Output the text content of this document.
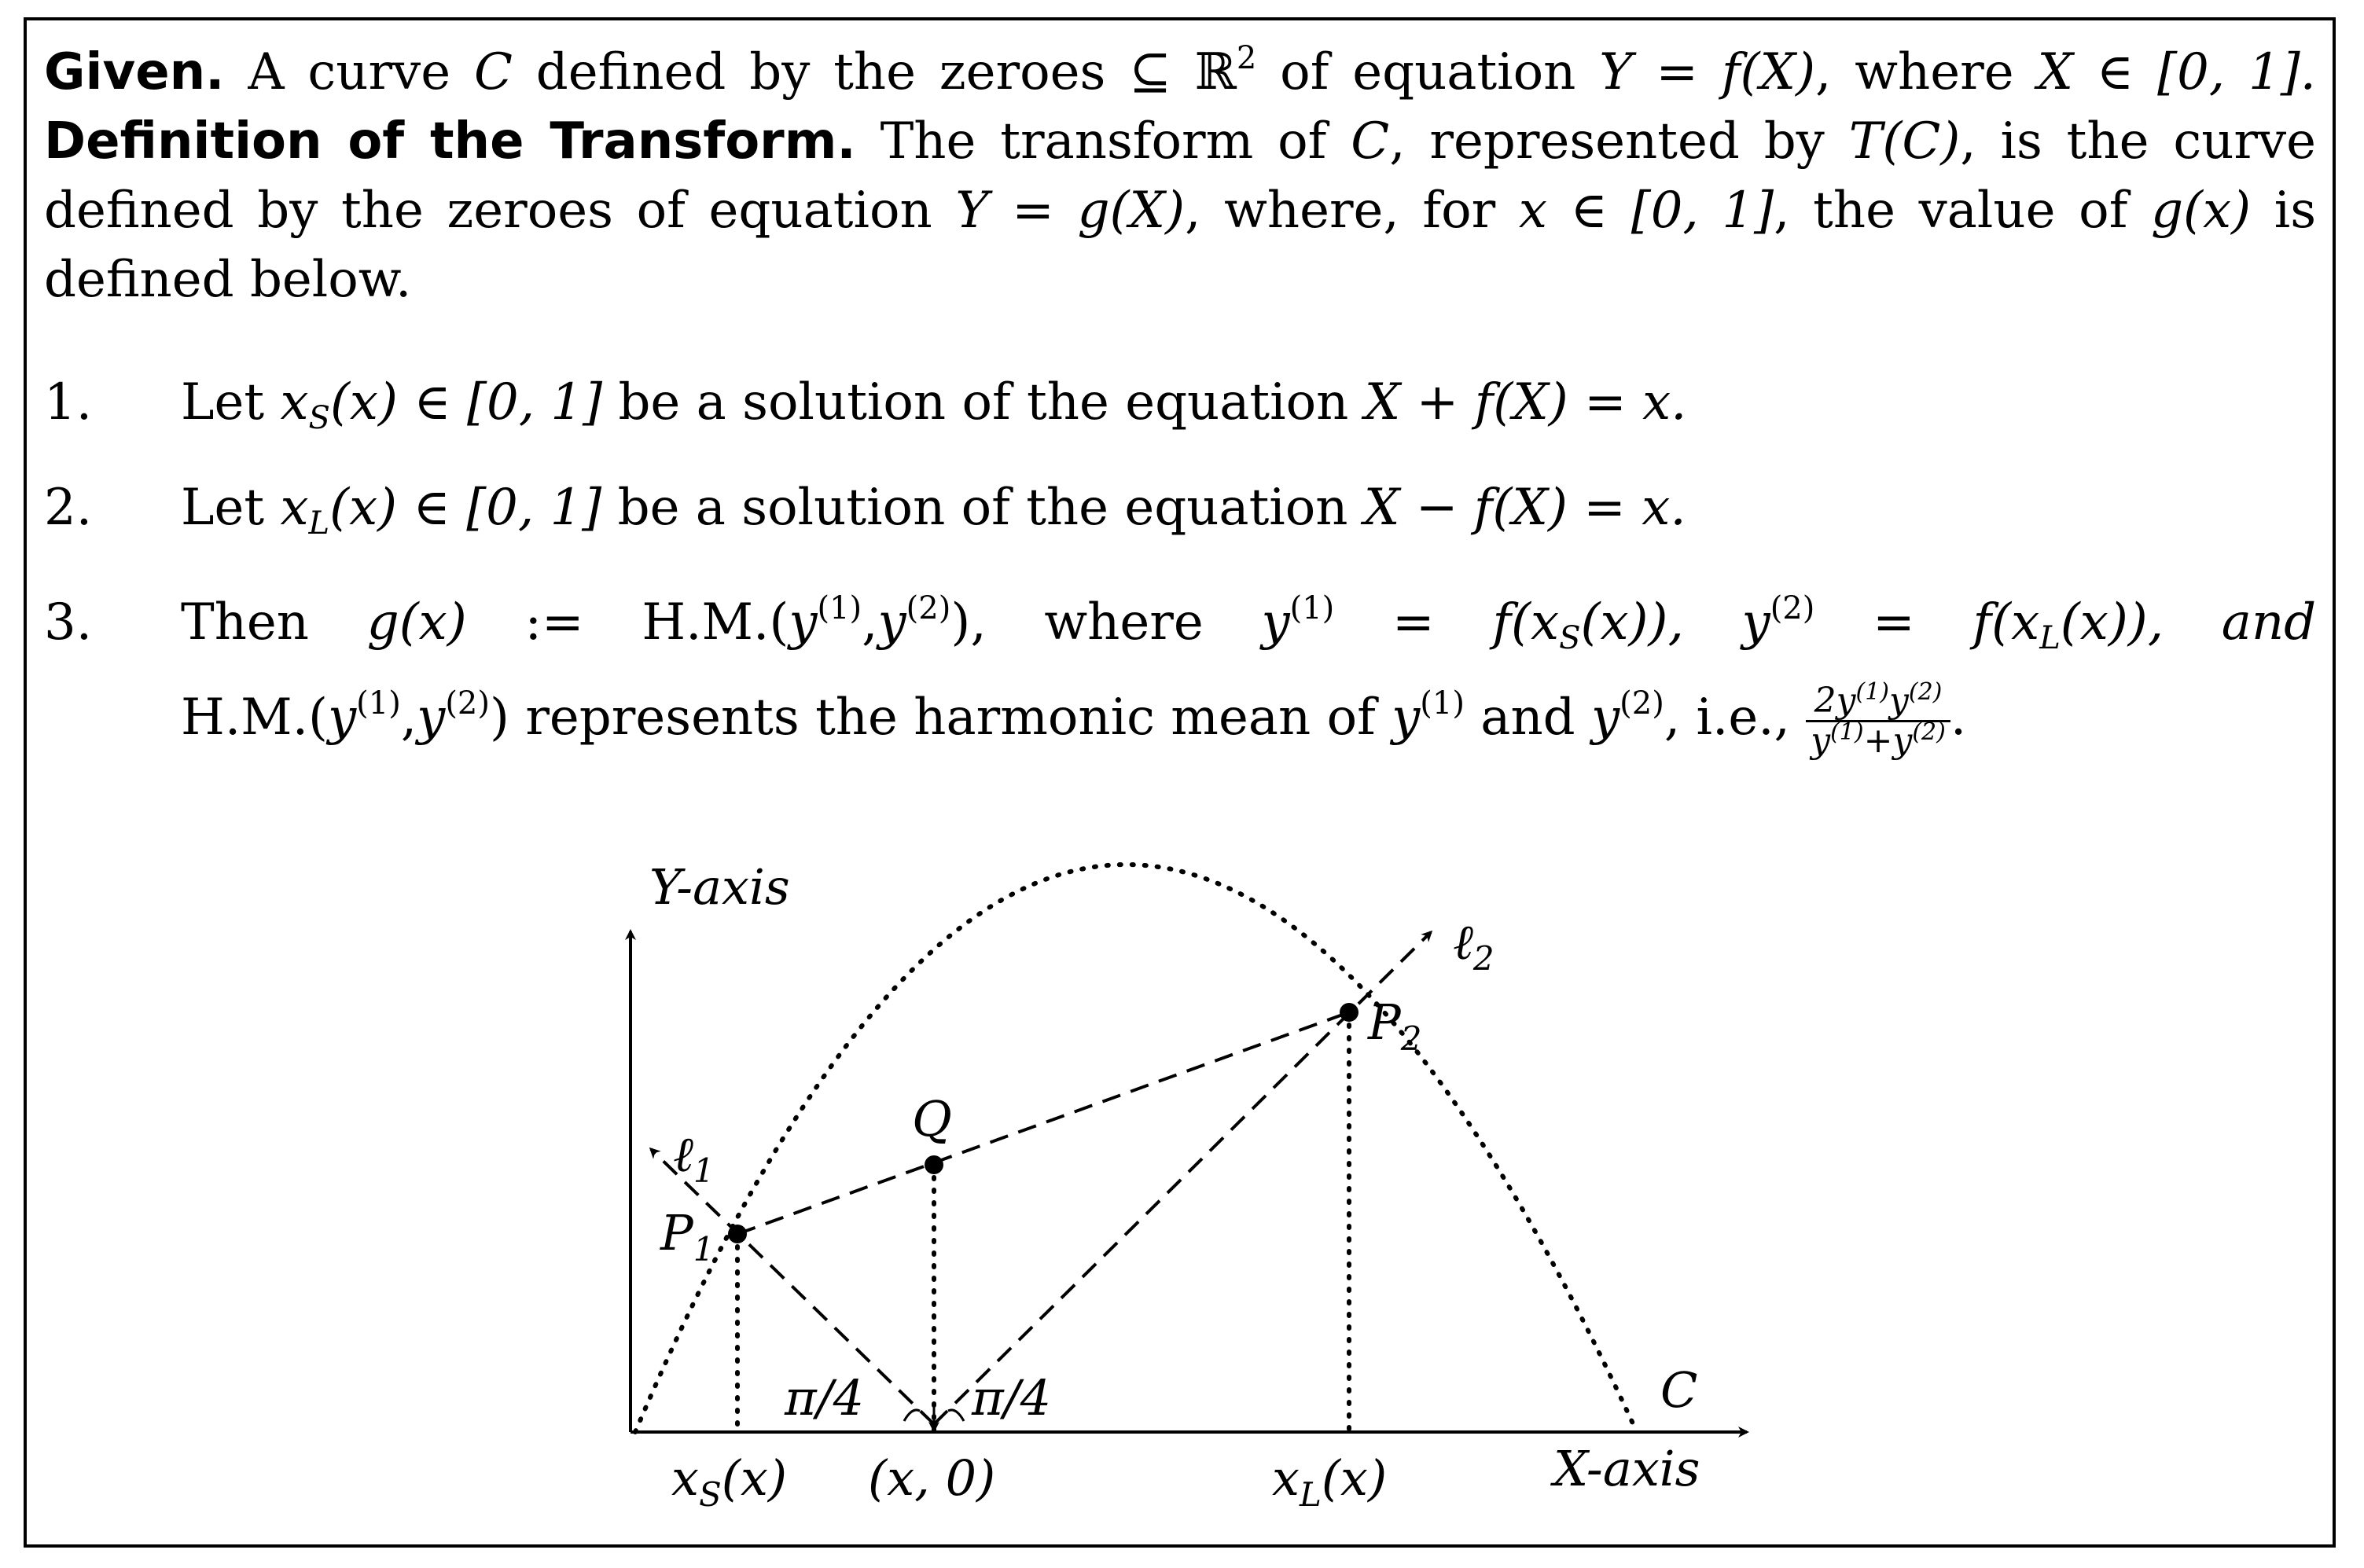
Given. A curve C defined by the zeroes ⊆ ℝ$^2$ of equation Y = f(X), where X ∈ [0, 1].
Definition of the Transform. The transform of C, represented by T(C), is the curve
defined by the zeroes of equation Y = g(X), where, for x ∈ [0, 1], the value of g(x) is
defined below.
1. Let $x_S(x)$ ∈ [0, 1] be a solution of the equation X + f(X) = x.
2. Let $x_L(x)$ ∈ [0, 1] be a solution of the equation X − f(X) = x.
3. Then g(x) := $H.M.(y^{(1)},y^{(2)})$, where $y^{(1)} = f(x_S(x))$, $y^{(2)} = f(x_L(x))$, and
$H.M.(y^{(1)},y^{(2)})$ represents the harmonic mean of $y^{(1)}$ and $y^{(2)}$, i.e., $\frac{2y^{(1)}y^{(2)}}{y^{(1)}+y^{(2)}}$ .
Y-axis
X-axis
C
ℓ$_1$
ℓ$_2$
$P_1$
$P_2$
Q
π/4 π/4
$x_S(x)$ (x, 0)	$x_L(x)$
